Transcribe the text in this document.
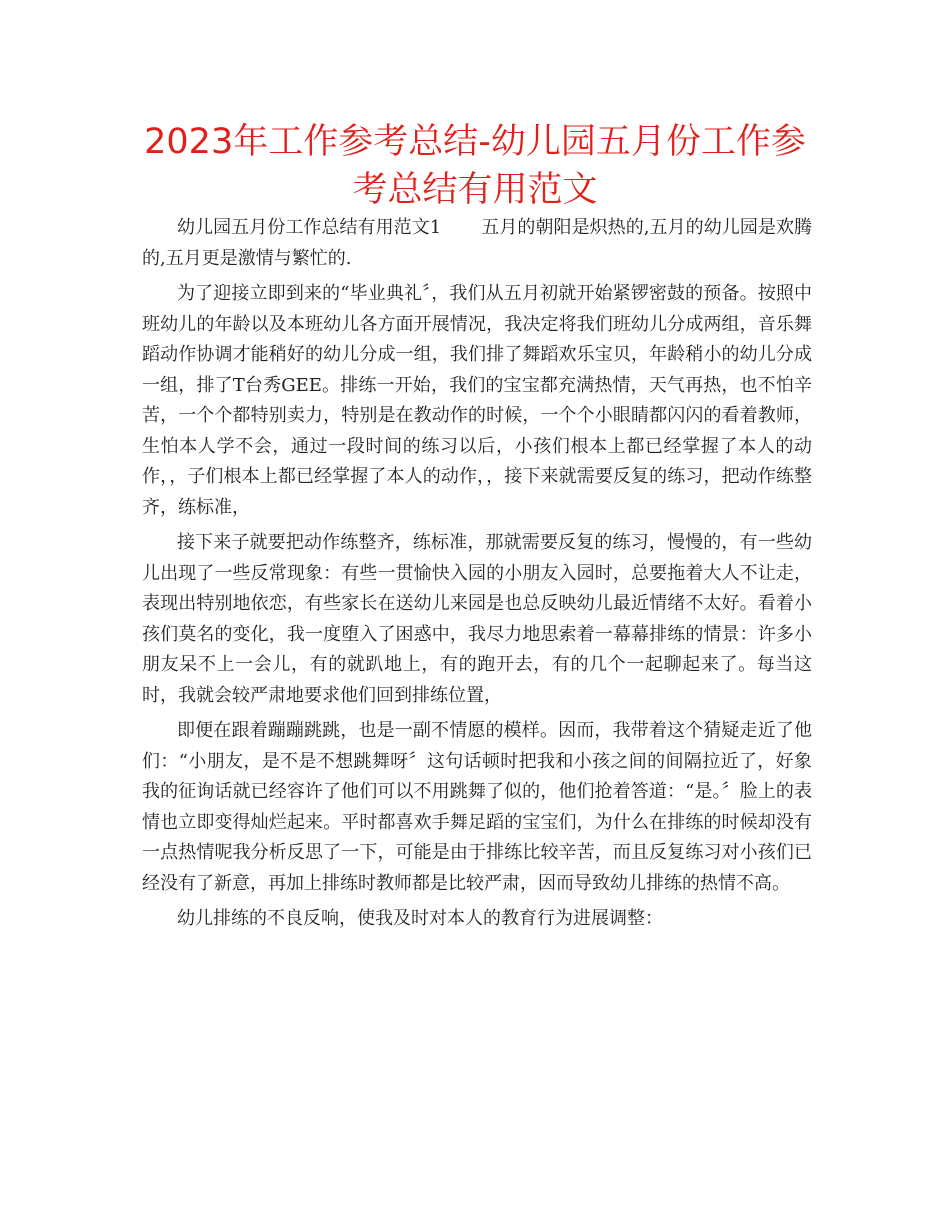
2023年工作参考总结-幼儿园五月份工作参考总结有用范文

幼儿园五月份工作总结有用范文1 五月的朝阳是炽热的,五月的幼儿园是欢腾的,五月更是激情与繁忙的.

为了迎接立即到来的“毕业典礼〞，我们从五月初就开始紧锣密鼓的预备。按照中班幼儿的年龄以及本班幼儿各方面开展情况，我决定将我们班幼儿分成两组，音乐舞蹈动作协调才能稍好的幼儿分成一组，我们排了舞蹈欢乐宝贝，年龄稍小的幼儿分成一组，排了T台秀GEE。排练一开始，我们的宝宝都充满热情，天气再热，也不怕辛苦，一个个都特别卖力，特别是在教动作的时候，一个个小眼睛都闪闪的看着教师，生怕本人学不会，通过一段时间的练习以后，小孩们根本上都已经掌握了本人的动作，，子们根本上都已经掌握了本人的动作，，接下来就需要反复的练习，把动作练整齐，练标准，

接下来子就要把动作练整齐，练标准，那就需要反复的练习，慢慢的，有一些幼儿出现了一些反常现象：有些一贯愉快入园的小朋友入园时，总要拖着大人不让走，表现出特别地依恋，有些家长在送幼儿来园是也总反映幼儿最近情绪不太好。看着小孩们莫名的变化，我一度堕入了困惑中，我尽力地思索着一幕幕排练的情景：许多小朋友呆不上一会儿，有的就趴地上，有的跑开去，有的几个一起聊起来了。每当这时，我就会较严肃地要求他们回到排练位置，

即便在跟着蹦蹦跳跳，也是一副不情愿的模样。因而，我带着这个猜疑走近了他们：“小朋友，是不是不想跳舞呀〞这句话顿时把我和小孩之间的间隔拉近了，好象我的征询话就已经容许了他们可以不用跳舞了似的，他们抢着答道：“是。〞脸上的表情也立即变得灿烂起来。平时都喜欢手舞足蹈的宝宝们，为什么在排练的时候却没有一点热情呢我分析反思了一下，可能是由于排练比较辛苦，而且反复练习对小孩们已经没有了新意，再加上排练时教师都是比较严肃，因而导致幼儿排练的热情不高。

幼儿排练的不良反响，使我及时对本人的教育行为进展调整：
